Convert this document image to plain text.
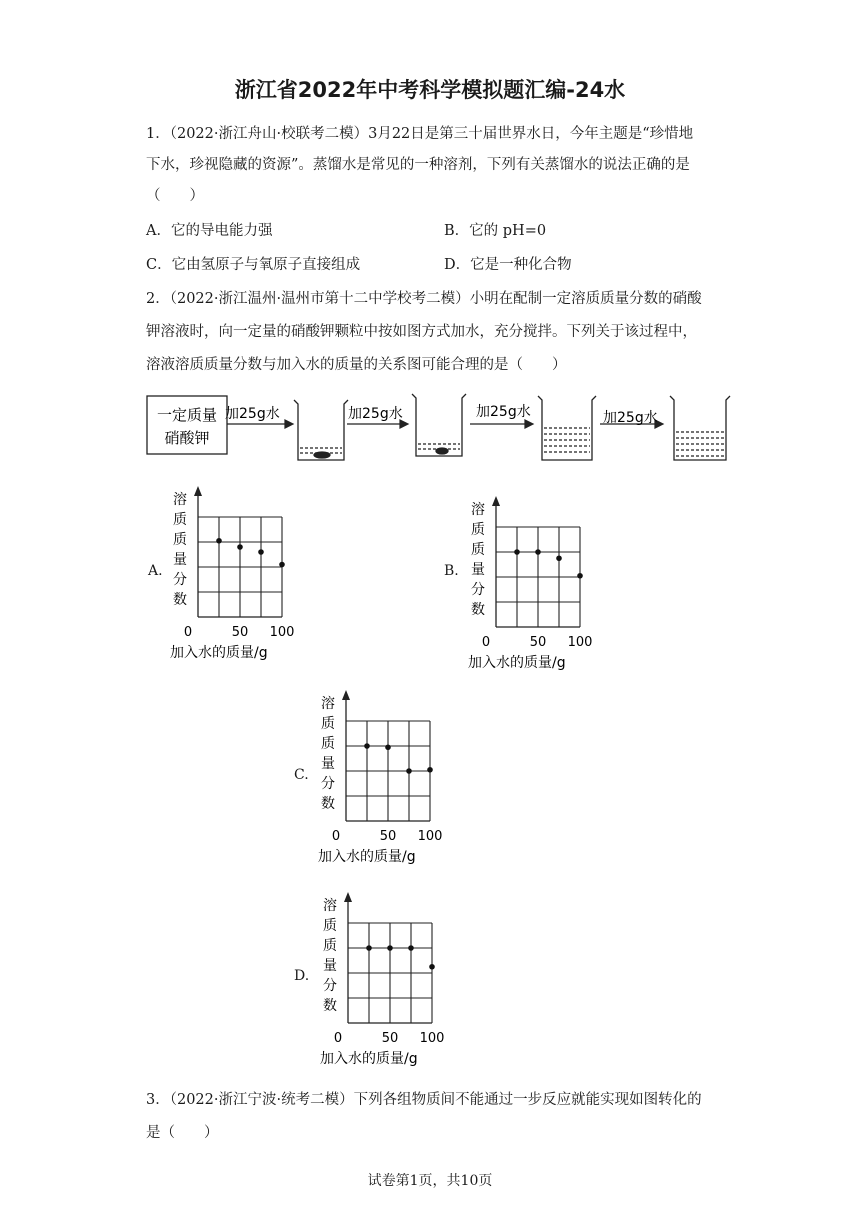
浙江省2022年中考科学模拟题汇编-24水
1．（2022·浙江舟山·校联考二模）3月22日是第三十届世界水日，今年主题是“珍惜地
下水，珍视隐藏的资源”。蒸馏水是常见的一种溶剂，下列有关蒸馏水的说法正确的是
（　　）
A．它的导电能力强	B．它的 pH=0
C．它由氢原子与氧原子直接组成	D．它是一种化合物
2．（2022·浙江温州·温州市第十二中学校考二模）小明在配制一定溶质质量分数的硝酸
钾溶液时，向一定量的硝酸钾颗粒中按如图方式加水，充分搅拌。下列关于该过程中，
溶液溶质质量分数与加入水的质量的关系图可能合理的是（　　）
一定质量
硝酸钾
加25g水	加25g水	加25g水	加25g水
A.
溶
质
质
量
分
数
0	50 100
加入水的质量/g
B.
溶
质
质
量
分
数
0	50 100
加入水的质量/g
C.
溶
质
质
量
分
数
0	50 100
加入水的质量/g
D.
溶
质
质
量
分
数
0	50 100
加入水的质量/g
3．（2022·浙江宁波·统考二模）下列各组物质间不能通过一步反应就能实现如图转化的
是（　　）
试卷第1页，共10页
